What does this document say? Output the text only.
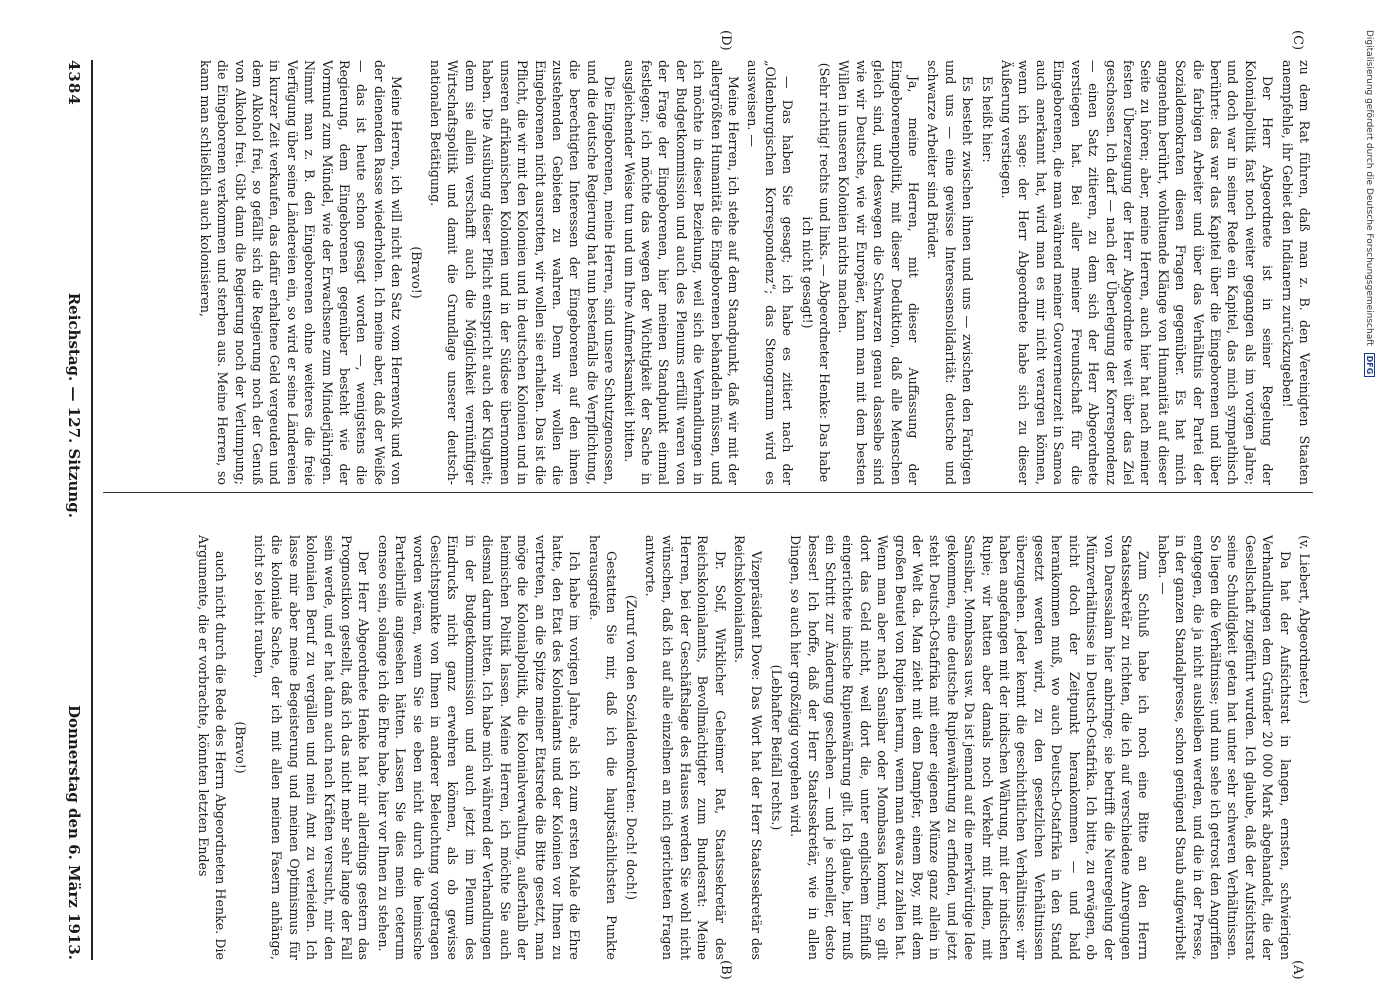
Digitalisierung gefördert durch die Deutsche Forschungsgemeinschaft DFG
(A)
(B)
(C)
(D)

(v. Liebert, Abgeordneter.)

Da hat der Aufsichtsrat in langen, ernsten, schwierigen Verhandlungen dem Gründer 20 000 Mark abgehandelt, die der Gesellschaft zugeführt wurden. Ich glaube, daß der Aufsichtsrat seine Schuldigkeit getan hat unter sehr schweren Verhältnissen. So liegen die Verhältnisse; und nun sehe ich getrost den Angriffen entgegen, die ja nicht ausbleiben werden, und die in der Presse, in der ganzen Standalpresse, schon genügend Staub aufgewirbelt haben. —

Zum Schluß habe ich noch eine Bitte an den Herrn Staatssekretär zu richten, die ich auf verschiedene Anregungen von Daressalam hier anbringe; sie betrifft die Neuregelung der Münzverhältnisse in Deutsch-Ostafrika. Ich bitte, zu erwägen, ob nicht doch der Zeitpunkt herankommen — und bald herankommen muß, wo auch Deutsch-Ostafrika in den Stand gesetzt werden wird, zu den gesetzlichen Verhältnissen überzugehen. Jeder kennt die geschichtlichen Verhältnisse: wir haben angefangen mit der indischen Währung, mit der indischen Rupie; wir hatten aber damals noch Verkehr mit Indien, mit Sansibar, Mombassa usw. Da ist jemand auf die merkwürdige Idee gekommen, eine deutsche Rupienwährung zu erfinden, und jetzt steht Deutsch-Ostafrika mit einer eigenen Münze ganz allein in der Welt da. Man zieht mit dem Dampfer, einem Boy, mit dem großen Beutel von Rupien herum, wenn man etwas zu zahlen hat. Wenn man aber nach Sansibar oder Mombassa kommt, so gilt dort das Geld nicht, weil dort die, unter englischem Einfluß eingerichtete indische Rupienwährung gilt. Ich glaube, hier muß ein Schritt zur Änderung geschehen — und je schneller, desto besser! Ich hoffe, daß der Herr Staatssekretär, wie in allen Dingen, so auch hier großzügig vorgehen wird.

(Lebhafter Beifall rechts.)

Vizepräsident Dove: Das Wort hat der Herr Staatssekretär des Reichskolonialamts.

Dr. Solf, Wirklicher Geheimer Rat, Staatssekretär des Reichskolonialamts, Bevollmächtigter zum Bundesrat: Meine Herren, bei der Geschäftslage des Hauses werden Sie wohl nicht wünschen, daß ich auf alle einzelnen an mich gerichteten Fragen antworte.

(Zuruf von den Sozialdemokraten: Doch! doch!)

Gestatten Sie mir, daß ich die hauptsächlichsten Punkte herausgreife.

Ich habe im vorigen Jahre, als ich zum ersten Male die Ehre hatte, den Etat des Kolonialamts und der Kolonien vor Ihnen zu vertreten, an die Spitze meiner Etatsrede die Bitte gesetzt, man möge die Kolonialpolitik, die Kolonialverwaltung, außerhalb der heimischen Politik lassen. Meine Herren, ich möchte Sie auch diesmal darum bitten. Ich habe mich während der Verhandlungen in der Budgetkommission und auch jetzt im Plenum des Eindrucks nicht ganz erwehren können, als ob gewisse Gesichtspunkte von Ihnen in anderer Beleuchtung vorgetragen worden wären, wenn Sie sie eben nicht durch die heimische Parteibrille angesehen hätten. Lassen Sie dies mein ceterum censeo sein, solange ich die Ehre habe, hier vor Ihnen zu stehen.

Der Herr Abgeordnete Henke hat mir allerdings gestern das Prognostikon gestellt, daß ich das nicht mehr sehr lange der Fall sein werde, und er hat dann auch nach Kräften versucht, mir den kolonialen Beruf zu vergällen und mein Amt zu verleiden. Ich lasse mir aber meine Begeisterung und meinen Optimismus für die koloniale Sache, der ich mit allen meinen Fasern anhänge, nicht so leicht rauben,

(Bravo!)

auch nicht durch die Rede des Herrn Abgeordneten Henke. Die Argumente, die er vorbrachte, könnten letzten Endes

zu dem Rat führen, daß man z. B. den Vereinigten Staaten anempfehle, ihr Gebiet den Indianern zurückzugeben!

Der Herr Abgeordnete ist in seiner Regelung der Kolonialpolitik fast noch weiter gegangen als im vorigen Jahre; und doch war in seiner Rede ein Kapitel, das mich sympathisch berührte: das war das Kapitel über die Eingeborenen und über die farbigen Arbeiter und über das Verhältnis der Partei der Sozialdemokraten diesen Fragen gegenüber. Es hat mich angenehm berührt, wohltuende Klänge von Humanität auf dieser Seite zu hören; aber, meine Herren, auch hier hat nach meiner festen Überzeugung der Herr Abgeordnete weit über das Ziel geschossen. Ich darf — nach der Überlegung der Korrespondenz — einen Satz zitieren, zu dem sich der Herr Abgeordnete verstiegen hat. Bei aller meiner Freundschaft für die Eingeborenen, die man während meiner Gouverneurzeit in Samoa auch anerkannt hat, wird man es mir nicht verargen können, wenn ich sage: der Herr Abgeordnete habe sich zu dieser Äußerung verstiegen.

Es heißt hier:

Es besteht zwischen ihnen und uns — zwischen den Farbigen und uns — eine gewisse Interessensolidarität: deutsche und schwarze Arbeiter sind Brüder.

Ja, meine Herren, mit dieser Auffassung der Eingeborenenpolitik, mit dieser Deduktion, daß alle Menschen gleich sind, und deswegen die Schwarzen genau dasselbe sind wie wir Deutsche, wie wir Europäer, kann man mit dem besten Willen in unseren Kolonien nichts machen.

(Sehr richtig! rechts und links. — Abgeordneter Henke: Das habe ich nicht gesagt!)

— Das haben Sie gesagt; ich habe es zitiert nach der „Oldenburgischen Korrespondenz“; das Stenogramm wird es ausweisen. —

Meine Herren, ich stehe auf dem Standpunkt, daß wir mit der allergrößten Humanität die Eingeborenen behandeln müssen, und ich möchte in dieser Beziehung, weil sich die Verhandlungen in der Budgetkommission und auch des Plenums erfüllt waren von der Frage der Eingeborenen, hier meinen Standpunkt einmal festlegen; ich möchte das wegen der Wichtigkeit der Sache in ausgleichender Weise tun und um Ihre Aufmerksamkeit bitten.

Die Eingeborenen, meine Herren, sind unsere Schutzgenossen, und die deutsche Regierung hat nun bestenfalls die Verpflichtung, die berechtigten Interessen der Eingeborenen auf den ihnen zustehenden Gebieten zu wahren. Denn wir wollen die Eingeborenen nicht ausrotten, wir wollen sie erhalten. Das ist die Pflicht, die wir mit den Kolonien und in deutschen Kolonien und in unseren afrikanischen Kolonien und in der Südsee übernommen haben. Die Ausübung dieser Pflicht entspricht auch der Klugheit; denn sie allein verschafft auch die Möglichkeit vernünftiger Wirtschaftspolitik und damit die Grundlage unserer deutsch-nationalen Betätigung.

(Bravo!)

Meine Herren, ich will nicht den Satz vom Herrenvolk und von der dienenden Rasse wiederholen. Ich meine aber, daß der Weiße — das ist heute schon gesagt worden —, wenigstens die Regierung, dem Eingeborenen gegenüber besteht wie der Vormund zum Mündel, wie der Erwachsene zum Minderjährigen. Nimmt man z. B. den Eingeborenen ohne weiteres die freie Verfügung über seine Ländereien ein, so wird er seine Ländereien in kurzer Zeit verkaufen, das dafür erhaltene Geld vergeuden und dem Alkohol frei, so gefällt sich die Regierung noch der Genuß von Alkohol frei. Gibt dann die Regierung noch der Verlumpung; die Eingeborenen verkommen und sterben aus. Meine Herren, so kann man schließlich auch kolonisieren,

4384
Reichstag. — 127. Sitzung.
Donnerstag den 6. März 1913.
